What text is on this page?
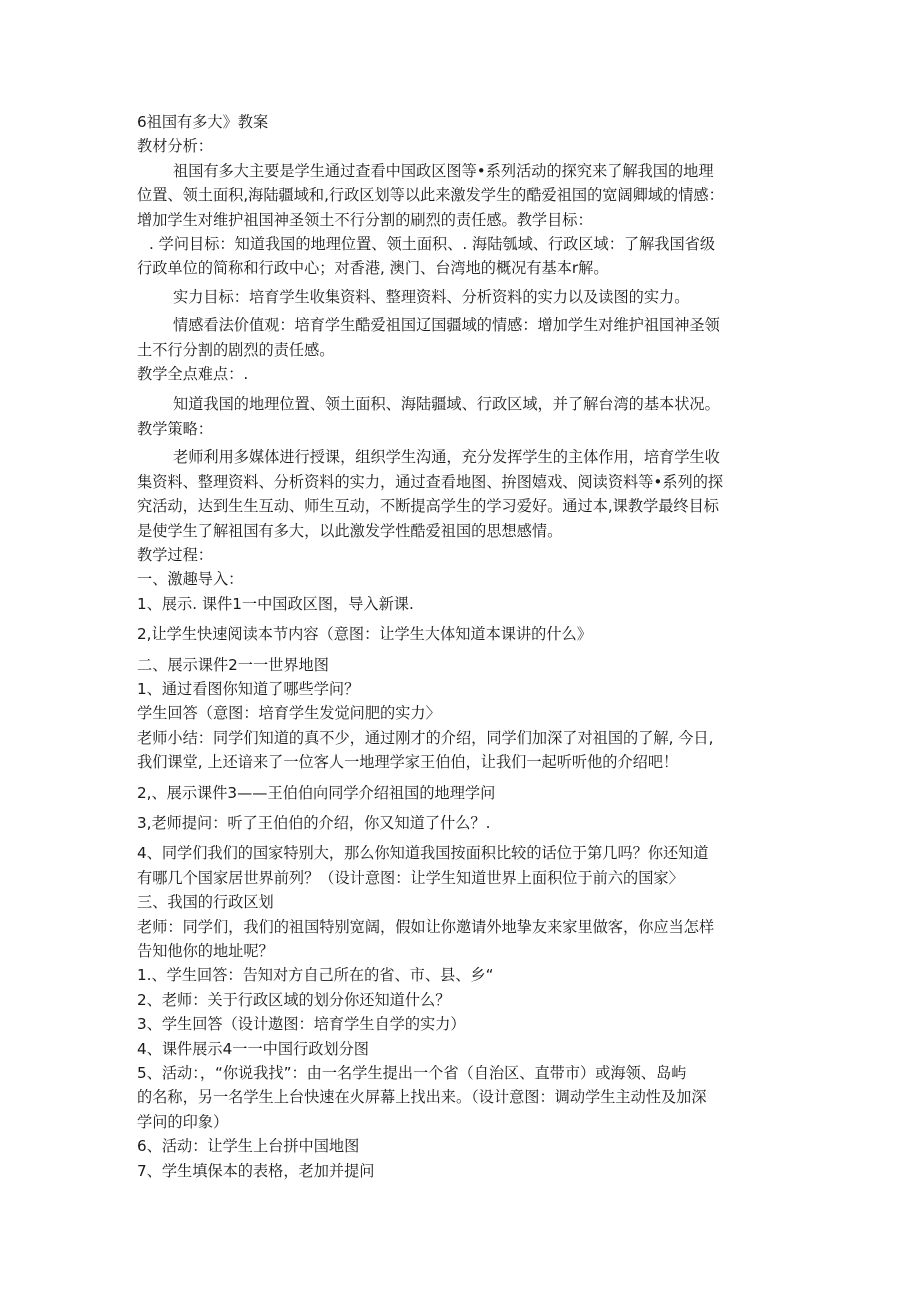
6祖国有多大》教案
教材分析：
祖国有多大主要是学生通过查看中国政区图等•系列活动的探究来了解我国的地理
位置、领土面积,海陆疆域和,行政区划等以此来激发学生的酷爱祖国的宽阔卿域的情感：
增加学生对维护祖国神圣领土不行分割的刷烈的责任感。教学目标：
. 学问目标：知道我国的地理位置、领土面积、. 海陆瓠域、行政区域：了解我国省级
行政单位的简称和行政中心；对香港, 澳门、台湾地的概况有基本r解。
实力目标：培育学生收集资料、整理资料、分析资料的实力以及读图的实力。
情感看法价值观：培育学生酷爱祖国辽国疆域的情感：增加学生对维护祖国神圣领
土不行分割的剧烈的责任感。
教学全点难点：.
知道我国的地理位置、领土面积、海陆疆域、行政区域，并了解台湾的基本状况。
教学策略：
老师利用多媒体进行授课，组织学生沟通，充分发挥学生的主体作用，培育学生收
集资料、整理资料、分析资料的实力，通过查看地图、拚图嬉戏、阅读资料等•系列的探
究活动，达到生生互动、师生互动，不断提高学生的学习爱好。通过本,课教学最终目标
是使学生了解祖国有多大，以此激发学性酷爱祖国的思想感情。
教学过程：
一、激趣导入：
1、展示. 课件1一中国政区图，导入新课.
2,让学生快速阅读本节内容（意图：让学生大体知道本课讲的什么》
二、展示课件2一一世界地图
1、通过看图你知道了哪些学问？
学生回答（意图：培育学生发觉问肥的实力〉
老师小结：同学们知道的真不少，通过刚才的介绍，同学们加深了对祖国的了解, 今日,
我们课堂, 上还谙来了一位客人一地理学家王伯伯，让我们一起听听他的介绍吧！
2,、展示课件3——王伯伯向同学介绍祖国的地理学问
3,老师提问：听了王伯伯的介绍，你又知道了什么？.
4、同学们我们的国家特别大，那么你知道我国按面积比较的话位于第几吗？你还知道
有哪几个国家居世界前列？（设计意图：让学生知道世界上面积位于前六的国家〉
三、我国的行政区划
老师：同学们，我们的祖国特别宽阔，假如让你邀请外地挚友来家里做客，你应当怎样
告知他你的地址呢？
1.、学生回答：告知对方自己所在的省、市、县、乡“
2、老师：关于行政区域的划分你还知道什么？
3、学生回答（设计遨图：培育学生自学的实力）
4、课件展示4一一中国行政划分图
5、活动：，“你说我找”：由一名学生提出一个省（自治区、直带市）或海领、岛屿
的名称，另一名学生上台快速在火屏幕上找出来。（设计意图：调动学生主动性及加深
学问的印象）
6、活动：让学生上台拼中国地图
7、学生填保本的表格，老加并提问
